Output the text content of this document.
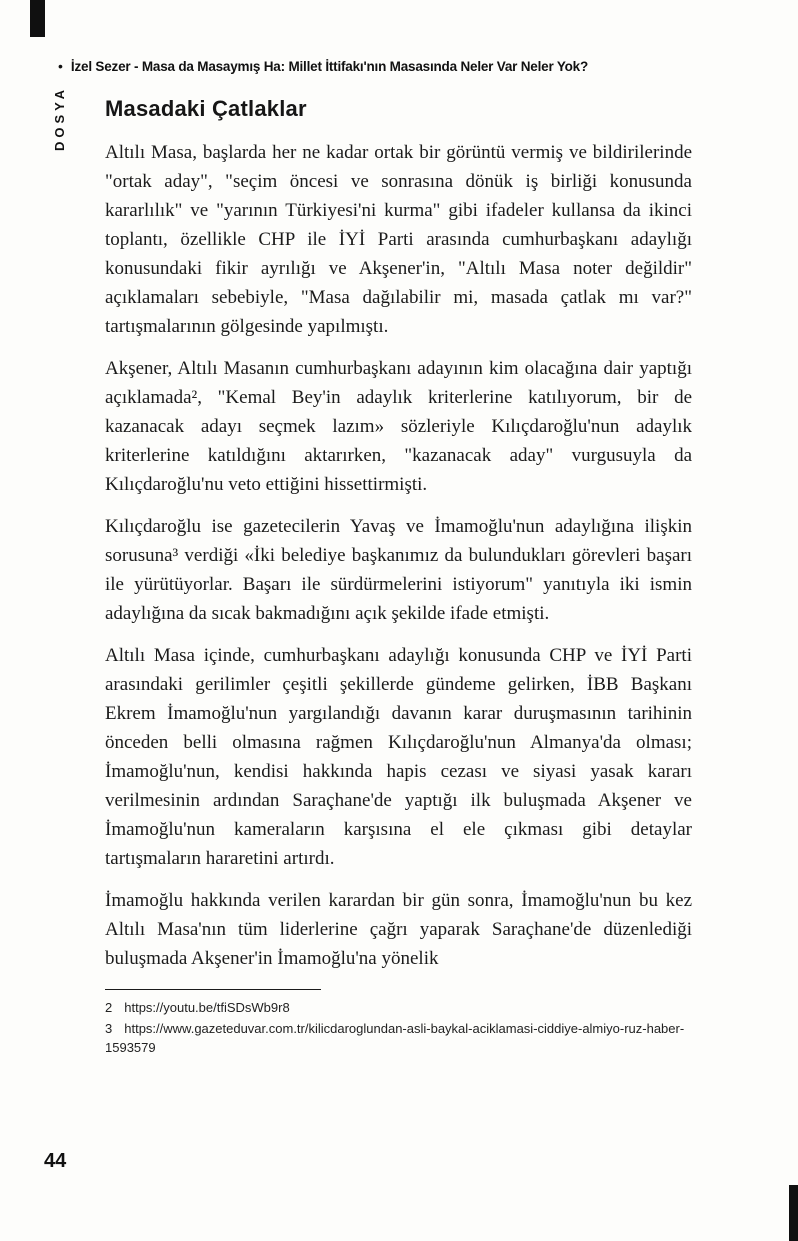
• İzel Sezer - Masa da Masaymış Ha: Millet İttifakı'nın Masasında Neler Var Neler Yok?
DOSYA Masadaki Çatlaklar

Altılı Masa, başlarda her ne kadar ortak bir görüntü vermiş ve bildirilerinde "ortak aday", "seçim öncesi ve sonrasına dönük iş birliği konusunda kararlılık" ve "yarının Türkiyesi'ni kurma" gibi ifadeler kullansa da ikinci toplantı, özellikle CHP ile İYİ Parti arasında cumhurbaşkanı adaylığı konusundaki fikir ayrılığı ve Akşener'in, "Altılı Masa noter değildir" açıklamaları sebebiyle, "Masa dağılabilir mi, masada çatlak mı var?" tartışmalarının gölgesinde yapılmıştı.

Akşener, Altılı Masanın cumhurbaşkanı adayının kim olacağına dair yaptığı açıklamada², "Kemal Bey'in adaylık kriterlerine katılıyorum, bir de kazanacak adayı seçmek lazım» sözleriyle Kılıçdaroğlu'nun adaylık kriterlerine katıldığını aktarırken, "kazanacak aday" vurgusuyla da Kılıçdaroğlu'nu veto ettiğini hissettirmişti.

Kılıçdaroğlu ise gazetecilerin Yavaş ve İmamoğlu'nun adaylığına ilişkin sorusuna³ verdiği «İki belediye başkanımız da bulundukları görevleri başarı ile yürütüyorlar. Başarı ile sürdürmelerini istiyorum" yanıtıyla iki ismin adaylığına da sıcak bakmadığını açık şekilde ifade etmişti.

Altılı Masa içinde, cumhurbaşkanı adaylığı konusunda CHP ve İYİ Parti arasındaki gerilimler çeşitli şekillerde gündeme gelirken, İBB Başkanı Ekrem İmamoğlu'nun yargılandığı davanın karar duruşmasının tarihinin önceden belli olmasına rağmen Kılıçdaroğlu'nun Almanya'da olması; İmamoğlu'nun, kendisi hakkında hapis cezası ve siyasi yasak kararı verilmesinin ardından Saraçhane'de yaptığı ilk buluşmada Akşener ve İmamoğlu'nun kameraların karşısına el ele çıkması gibi detaylar tartışmaların hararetini artırdı.

İmamoğlu hakkında verilen karardan bir gün sonra, İmamoğlu'nun bu kez Altılı Masa'nın tüm liderlerine çağrı yaparak Saraçhane'de düzenlediği buluşmada Akşener'in İmamoğlu'na yönelik

2 https://youtu.be/tfiSDsWb9r8
3 https://www.gazeteduvar.com.tr/kilicdaroglundan-asli-baykal-aciklamasi-ciddiye-almiyo-ruz-haber-1593579
44
